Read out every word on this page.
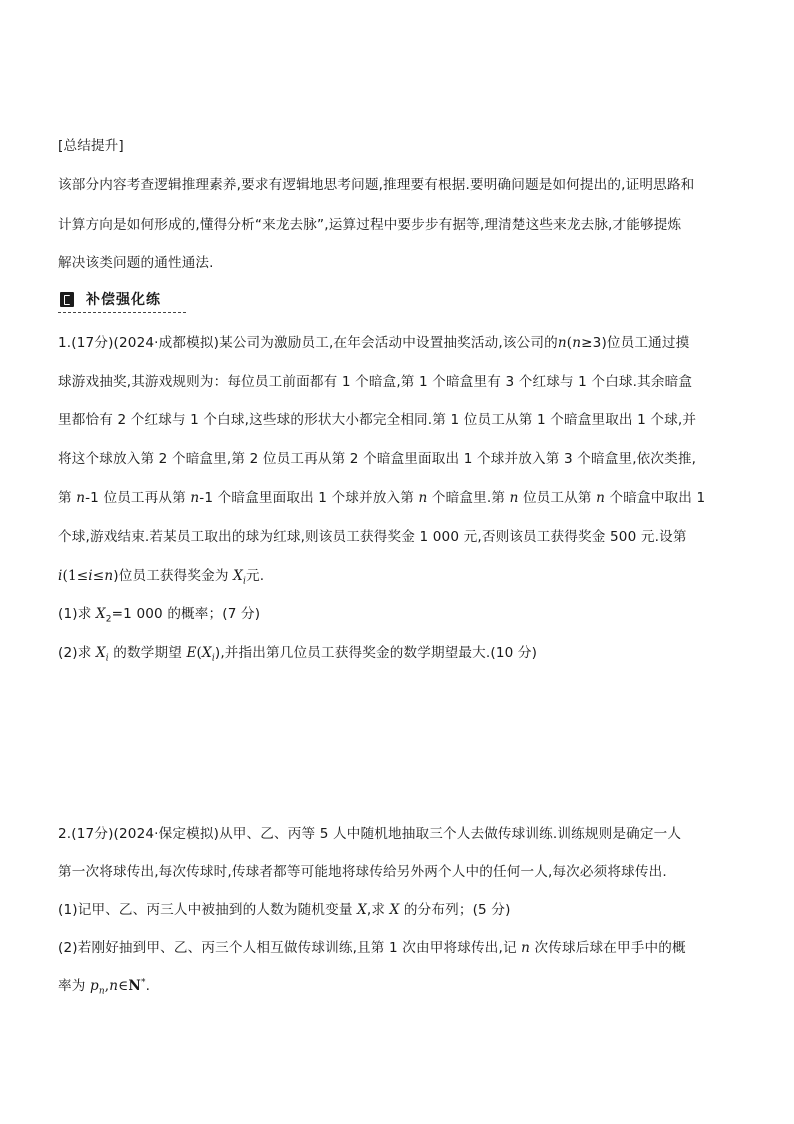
[总结提升]
该部分内容考查逻辑推理素养,要求有逻辑地思考问题,推理要有根据.要明确问题是如何提出的,证明思路和
计算方向是如何形成的,懂得分析“来龙去脉”,运算过程中要步步有据等,理清楚这些来龙去脉,才能够提炼
解决该类问题的通性通法.
补偿强化练
1.(17分)(2024·成都模拟)某公司为激励员工,在年会活动中设置抽奖活动,该公司的n(n≥3)位员工通过摸
球游戏抽奖,其游戏规则为：每位员工前面都有 1 个暗盒,第 1 个暗盒里有 3 个红球与 1 个白球.其余暗盒
里都恰有 2 个红球与 1 个白球,这些球的形状大小都完全相同.第 1 位员工从第 1 个暗盒里取出 1 个球,并
将这个球放入第 2 个暗盒里,第 2 位员工再从第 2 个暗盒里面取出 1 个球并放入第 3 个暗盒里,依次类推,
第 n-1 位员工再从第 n-1 个暗盒里面取出 1 个球并放入第 n 个暗盒里.第 n 位员工从第 n 个暗盒中取出 1
个球,游戏结束.若某员工取出的球为红球,则该员工获得奖金 1 000 元,否则该员工获得奖金 500 元.设第
i(1≤i≤n)位员工获得奖金为 $X_i$元.
(1)求 $X_2=1$ 000 的概率；(7 分)
(2)求 $X_i$ 的数学期望 $E(X_i)$,并指出第几位员工获得奖金的数学期望最大.(10 分)
2.(17分)(2024·保定模拟)从甲、乙、丙等 5 人中随机地抽取三个人去做传球训练.训练规则是确定一人
第一次将球传出,每次传球时,传球者都等可能地将球传给另外两个人中的任何一人,每次必须将球传出.
(1)记甲、乙、丙三人中被抽到的人数为随机变量 X,求 X 的分布列；(5 分)
(2)若刚好抽到甲、乙、丙三个人相互做传球训练,且第 1 次由甲将球传出,记 n 次传球后球在甲手中的概
率为 $p_n,n\in N^*$.
